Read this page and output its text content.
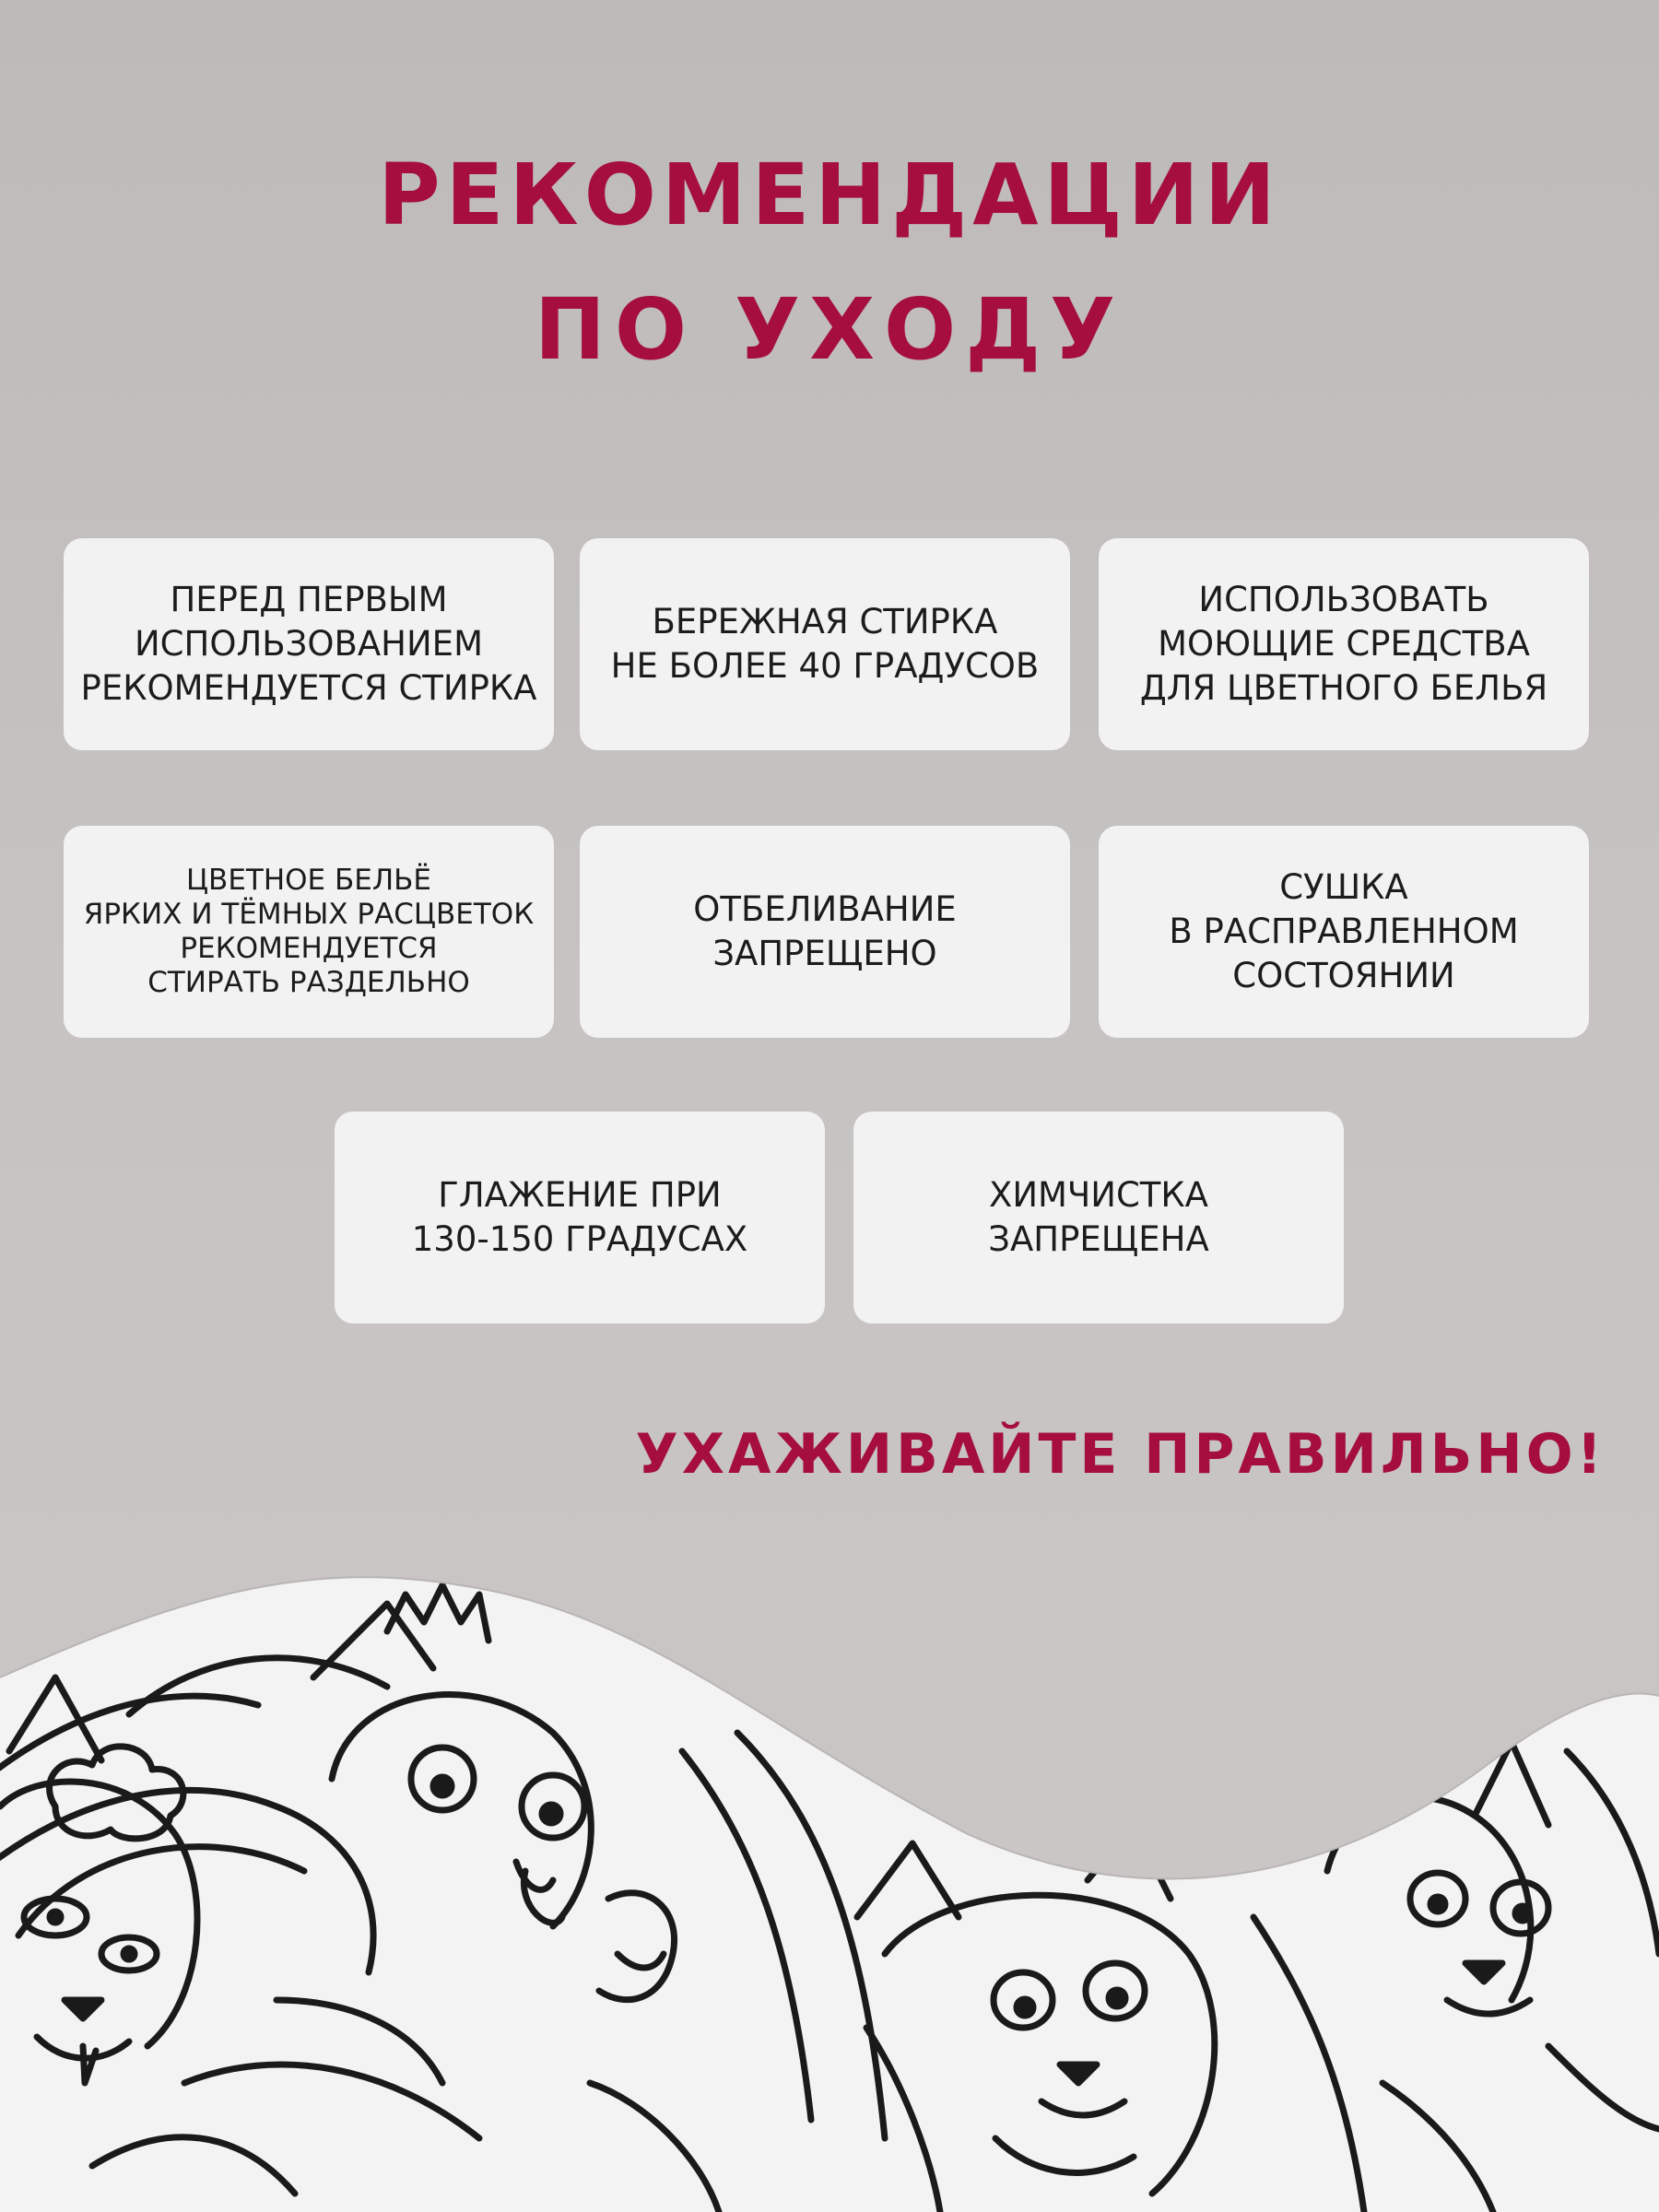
РЕКОМЕНДАЦИИ
ПО УХОДУ
ПЕРЕД ПЕРВЫМ
ИСПОЛЬЗОВАНИЕМ
РЕКОМЕНДУЕТСЯ СТИРКА
БЕРЕЖНАЯ СТИРКА
НЕ БОЛЕЕ 40 ГРАДУСОВ
ИСПОЛЬЗОВАТЬ
МОЮЩИЕ СРЕДСТВА
ДЛЯ ЦВЕТНОГО БЕЛЬЯ
ЦВЕТНОЕ БЕЛЬЁ
ЯРКИХ И ТЁМНЫХ РАСЦВЕТОК
РЕКОМЕНДУЕТСЯ
СТИРАТЬ РАЗДЕЛЬНО
ОТБЕЛИВАНИЕ
ЗАПРЕЩЕНО
СУШКА
В РАСПРАВЛЕННОМ
СОСТОЯНИИ
ГЛАЖЕНИЕ ПРИ
130-150 ГРАДУСАХ
ХИМЧИСТКА
ЗАПРЕЩЕНА
УХАЖИВАЙТЕ ПРАВИЛЬНО!
